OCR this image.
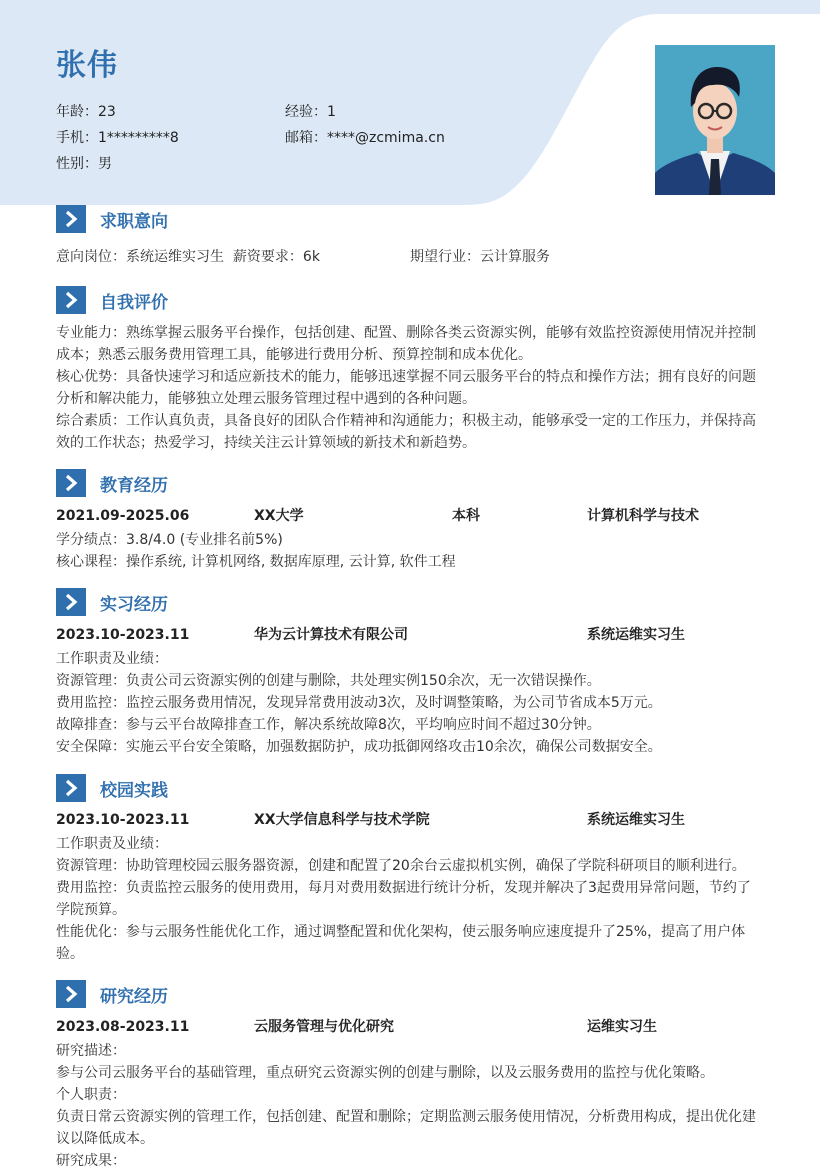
张伟
年龄：23	经验：1
手机：1*********8	邮箱：****@zcmima.cn
性别：男
求职意向
意向岗位：系统运维实习生 薪资要求：6k	期望行业：云计算服务
自我评价
专业能力：熟练掌握云服务平台操作，包括创建、配置、删除各类云资源实例，能够有效监控资源使用情况并控制
成本；熟悉云服务费用管理工具，能够进行费用分析、预算控制和成本优化。
核心优势：具备快速学习和适应新技术的能力，能够迅速掌握不同云服务平台的特点和操作方法；拥有良好的问题
分析和解决能力，能够独立处理云服务管理过程中遇到的各种问题。
综合素质：工作认真负责，具备良好的团队合作精神和沟通能力；积极主动，能够承受一定的工作压力，并保持高
效的工作状态；热爱学习，持续关注云计算领域的新技术和新趋势。
教育经历
2021.09-2025.06	XX大学	本科	计算机科学与技术
学分绩点：3.8/4.0 (专业排名前5%)
核心课程：操作系统, 计算机网络, 数据库原理, 云计算, 软件工程
实习经历
2023.10-2023.11	华为云计算技术有限公司	系统运维实习生
工作职责及业绩：
资源管理：负责公司云资源实例的创建与删除，共处理实例150余次，无一次错误操作。
费用监控：监控云服务费用情况，发现异常费用波动3次，及时调整策略，为公司节省成本5万元。
故障排查：参与云平台故障排查工作，解决系统故障8次，平均响应时间不超过30分钟。
安全保障：实施云平台安全策略，加强数据防护，成功抵御网络攻击10余次，确保公司数据安全。
校园实践
2023.10-2023.11	XX大学信息科学与技术学院	系统运维实习生
工作职责及业绩：
资源管理：协助管理校园云服务器资源，创建和配置了20余台云虚拟机实例，确保了学院科研项目的顺利进行。
费用监控：负责监控云服务的使用费用，每月对费用数据进行统计分析，发现并解决了3起费用异常问题，节约了
学院预算。
性能优化：参与云服务性能优化工作，通过调整配置和优化架构，使云服务响应速度提升了25%，提高了用户体
验。
研究经历
2023.08-2023.11	云服务管理与优化研究	运维实习生
研究描述：
参与公司云服务平台的基础管理，重点研究云资源实例的创建与删除，以及云服务费用的监控与优化策略。
个人职责：
负责日常云资源实例的管理工作，包括创建、配置和删除；定期监测云服务使用情况，分析费用构成，提出优化建
议以降低成本。
研究成果：
